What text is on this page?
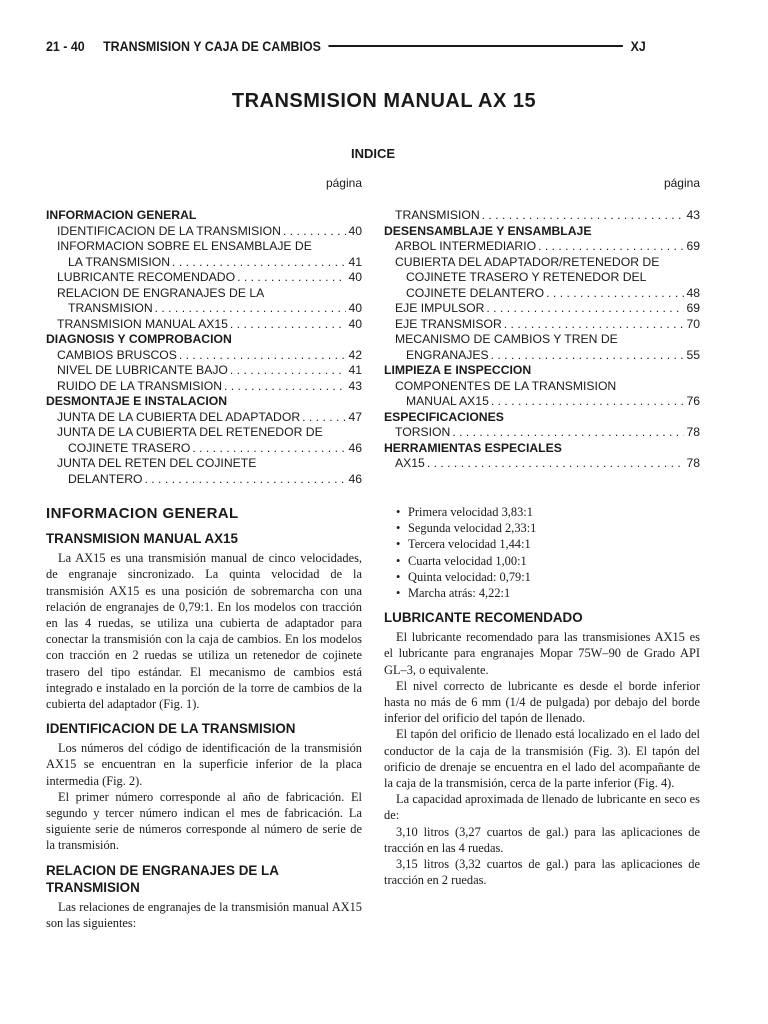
21 - 40 TRANSMISION Y CAJA DE CAMBIOS	XJ
TRANSMISION MANUAL AX 15
INDICE
página	página
INFORMACION GENERAL
IDENTIFICACION DE LA TRANSMISION . . .	40
INFORMACION SOBRE EL ENSAMBLAJE DE
LA TRANSMISION . . .	41
LUBRICANTE RECOMENDADO . . .	40
RELACION DE ENGRANAJES DE LA
TRANSMISION . . .	40
TRANSMISION MANUAL AX15 . . .	40
DIAGNOSIS Y COMPROBACION
CAMBIOS BRUSCOS . . .	42
NIVEL DE LUBRICANTE BAJO . . .	41
RUIDO DE LA TRANSMISION . . .	43
DESMONTAJE E INSTALACION
JUNTA DE LA CUBIERTA DEL ADAPTADOR . . .	47
JUNTA DE LA CUBIERTA DEL RETENEDOR DE
COJINETE TRASERO . . .	46
JUNTA DEL RETEN DEL COJINETE
DELANTERO . . .	46
TRANSMISION . . .	43
DESENSAMBLAJE Y ENSAMBLAJE
ARBOL INTERMEDIARIO . . .	69
CUBIERTA DEL ADAPTADOR/RETENEDOR DE
COJINETE TRASERO Y RETENEDOR DEL
COJINETE DELANTERO . . .	48
EJE IMPULSOR . . .	69
EJE TRANSMISOR . . .	70
MECANISMO DE CAMBIOS Y TREN DE
ENGRANAJES . . .	55
LIMPIEZA E INSPECCION
COMPONENTES DE LA TRANSMISION
MANUAL AX15 . . .	76
ESPECIFICACIONES
TORSION . . .	78
HERRAMIENTAS ESPECIALES
AX15 . . .	78
INFORMACION GENERAL
TRANSMISION MANUAL AX15

La AX15 es una transmisión manual de cinco velocidades, de engranaje sincronizado. La quinta velocidad de la transmisión AX15 es una posición de sobremarcha con una relación de engranajes de 0,79:1. En los modelos con tracción en las 4 ruedas, se utiliza una cubierta de adaptador para conectar la transmisión con la caja de cambios. En los modelos con tracción en 2 ruedas se utiliza un retenedor de cojinete trasero del tipo estándar. El mecanismo de cambios está integrado e instalado en la porción de la torre de cambios de la cubierta del adaptador (Fig. 1).

IDENTIFICACION DE LA TRANSMISION

Los números del código de identificación de la transmisión AX15 se encuentran en la superficie inferior de la placa intermedia (Fig. 2).

El primer número corresponde al año de fabricación. El segundo y tercer número indican el mes de fabricación. La siguiente serie de números corresponde al número de serie de la transmisión.

RELACION DE ENGRANAJES DE LA TRANSMISION

Las relaciones de engranajes de la transmisión manual AX15 son las siguientes:

• Primera velocidad 3,83:1
• Segunda velocidad 2,33:1
• Tercera velocidad 1,44:1
• Cuarta velocidad 1,00:1
• Quinta velocidad: 0,79:1
• Marcha atrás: 4,22:1
LUBRICANTE RECOMENDADO

El lubricante recomendado para las transmisiones AX15 es el lubricante para engranajes Mopar 75W–90 de Grado API GL–3, o equivalente.

El nivel correcto de lubricante es desde el borde inferior hasta no más de 6 mm (1/4 de pulgada) por debajo del borde inferior del orificio del tapón de llenado.

El tapón del orificio de llenado está localizado en el lado del conductor de la caja de la transmisión (Fig. 3). El tapón del orificio de drenaje se encuentra en el lado del acompañante de la caja de la transmisión, cerca de la parte inferior (Fig. 4).

La capacidad aproximada de llenado de lubricante en seco es de:

3,10 litros (3,27 cuartos de gal.) para las aplicaciones de tracción en las 4 ruedas.

3,15 litros (3,32 cuartos de gal.) para las aplicaciones de tracción en 2 ruedas.
